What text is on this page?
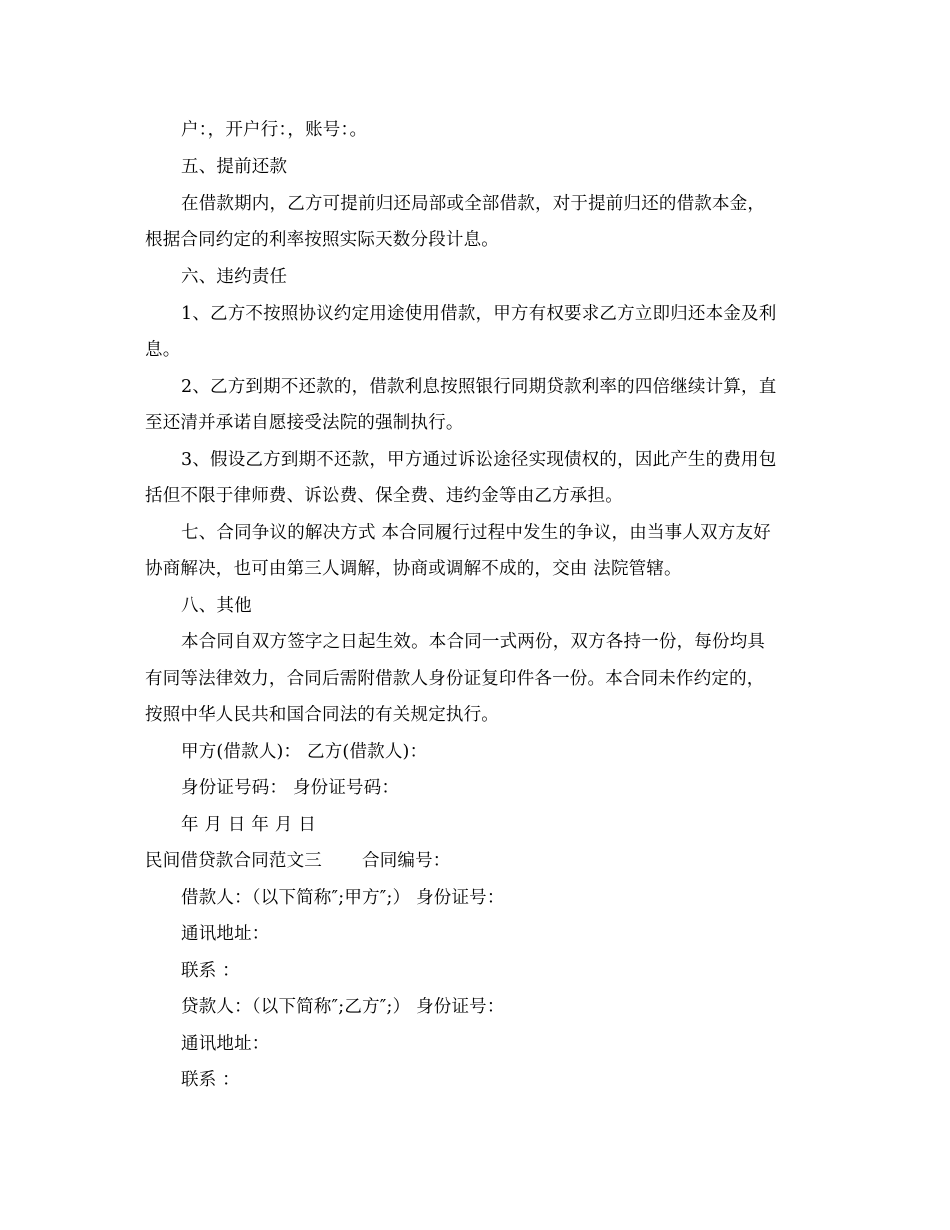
户：，开户行：，账号：。
五、提前还款
在借款期内，乙方可提前归还局部或全部借款，对于提前归还的借款本金，
根据合同约定的利率按照实际天数分段计息。
六、违约责任
1、乙方不按照协议约定用途使用借款，甲方有权要求乙方立即归还本金及利
息。
2、乙方到期不还款的，借款利息按照银行同期贷款利率的四倍继续计算，直
至还清并承诺自愿接受法院的强制执行。
3、假设乙方到期不还款，甲方通过诉讼途径实现债权的，因此产生的费用包
括但不限于律师费、诉讼费、保全费、违约金等由乙方承担。
七、合同争议的解决方式 本合同履行过程中发生的争议，由当事人双方友好
协商解决，也可由第三人调解，协商或调解不成的，交由 法院管辖。
八、其他
本合同自双方签字之日起生效。本合同一式两份，双方各持一份，每份均具
有同等法律效力，合同后需附借款人身份证复印件各一份。本合同未作约定的，
按照中华人民共和国合同法的有关规定执行。
甲方(借款人)： 乙方(借款人)：
身份证号码： 身份证号码：
年 月 日 年 月 日
民间借贷款合同范文三 合同编号：
借款人：（以下简称″;甲方″;） 身份证号：
通讯地址：
联系 ：
贷款人：（以下简称″;乙方″;） 身份证号：
通讯地址：
联系 ：
